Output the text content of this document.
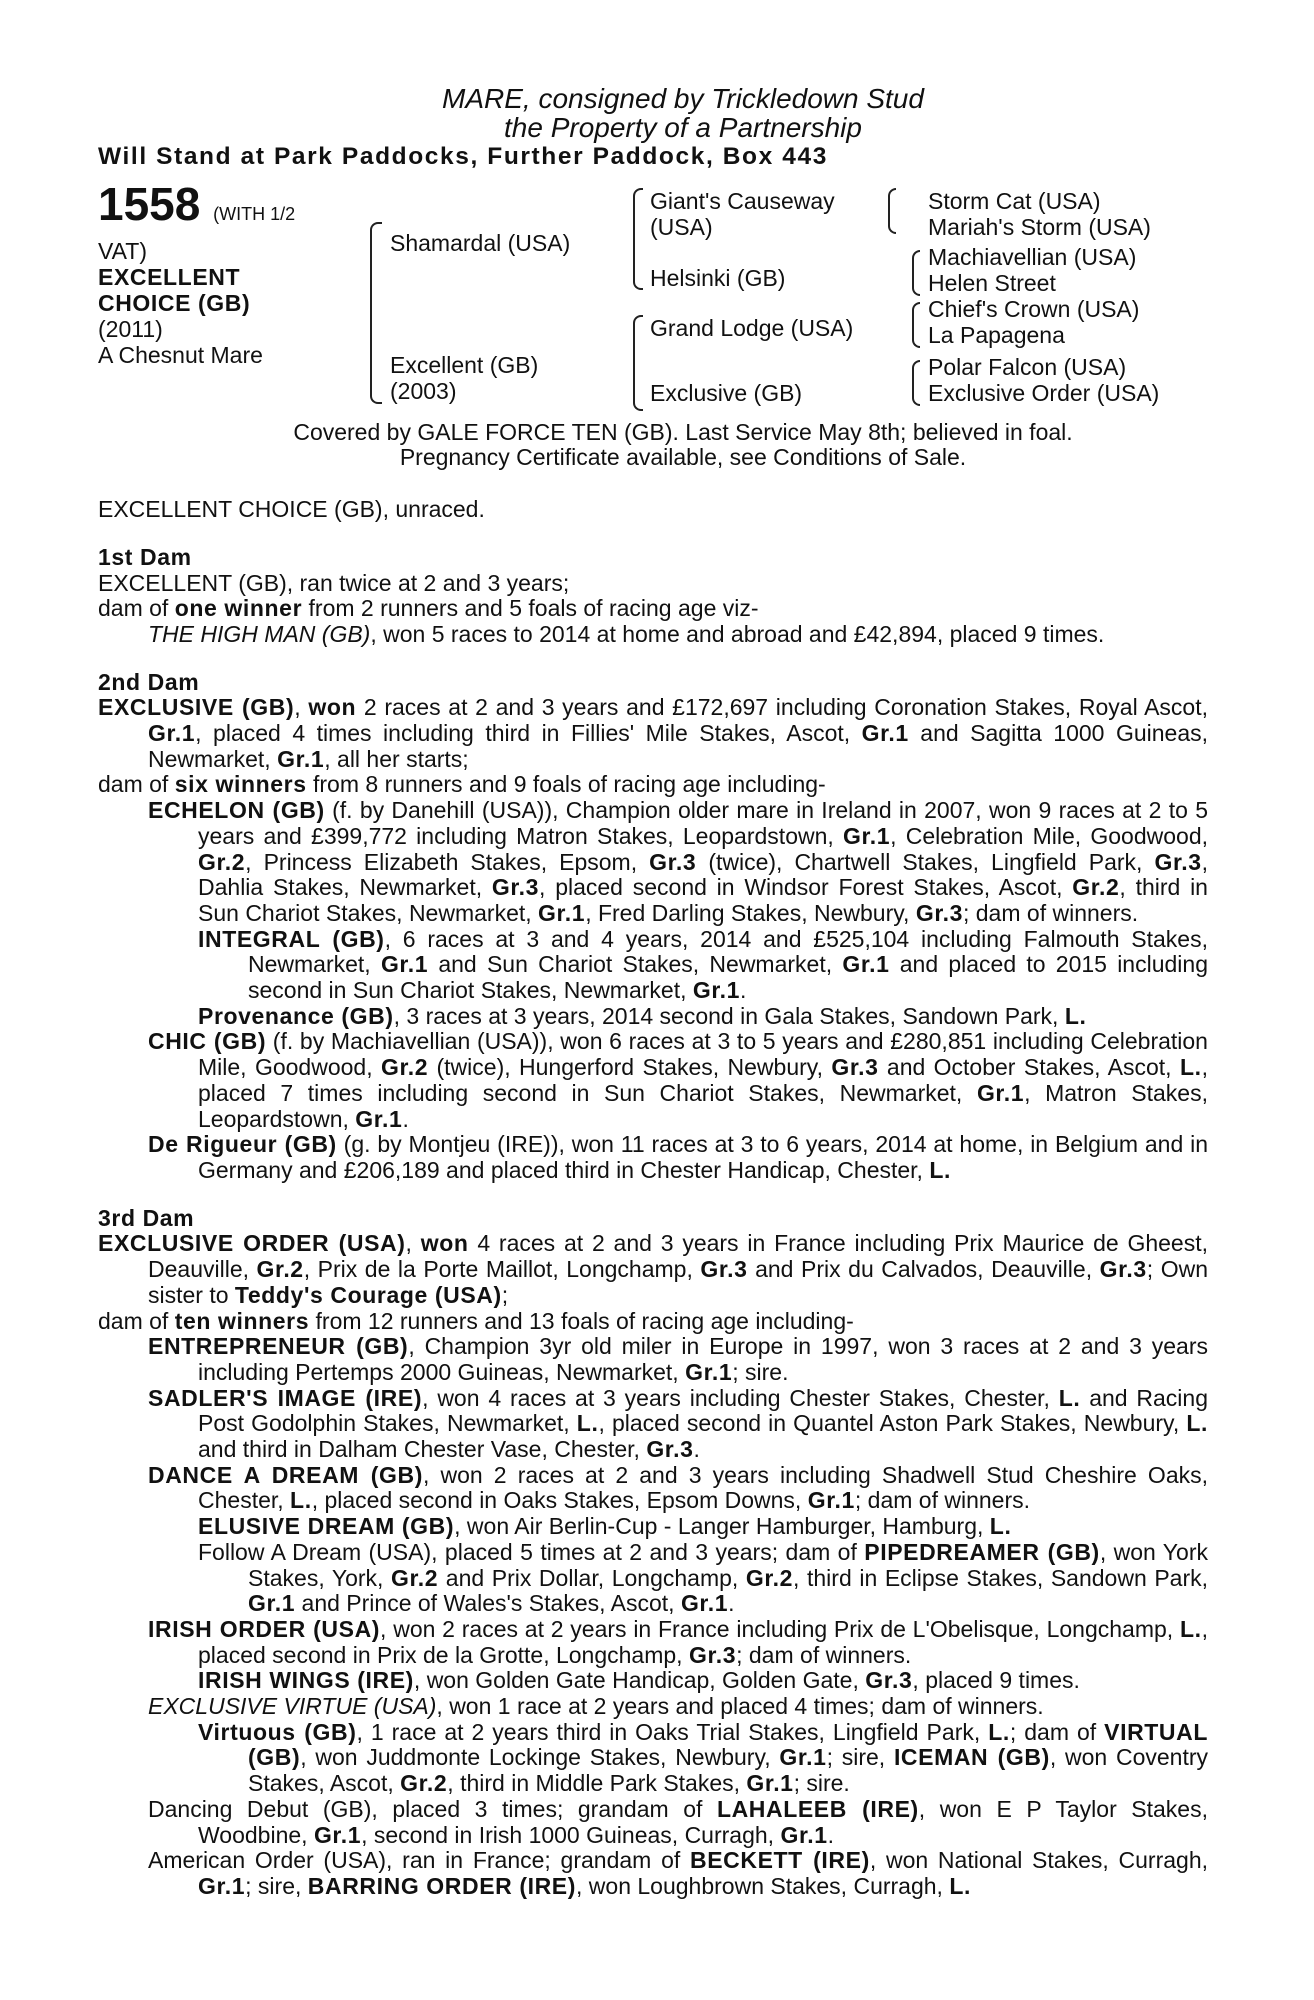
MARE, consigned by Trickledown Stud
the Property of a Partnership
Will Stand at Park Paddocks, Further Paddock, Box 443
1558 (WITH 1/2
VAT)
EXCELLENT
CHOICE (GB)
(2011)
A Chesnut Mare
Shamardal (USA)
Excellent (GB)
(2003)
Giant's Causeway
(USA)
Helsinki (GB)
Grand Lodge (USA)
Exclusive (GB)
Storm Cat (USA)
Mariah's Storm (USA)
Machiavellian (USA)
Helen Street
Chief's Crown (USA)
La Papagena
Polar Falcon (USA)
Exclusive Order (USA)

Covered by GALE FORCE TEN (GB). Last Service May 8th; believed in foal.

Pregnancy Certificate available, see Conditions of Sale.

EXCELLENT CHOICE (GB), unraced.

1st Dam

EXCELLENT (GB), ran twice at 2 and 3 years;

dam of one winner from 2 runners and 5 foals of racing age viz-

THE HIGH MAN (GB), won 5 races to 2014 at home and abroad and £42,894, placed 9 times.

2nd Dam

EXCLUSIVE (GB), won 2 races at 2 and 3 years and £172,697 including Coronation Stakes, Royal Ascot, Gr.1, placed 4 times including third in Fillies' Mile Stakes, Ascot, Gr.1 and Sagitta 1000 Guineas, Newmarket, Gr.1, all her starts;

dam of six winners from 8 runners and 9 foals of racing age including-

ECHELON (GB) (f. by Danehill (USA)), Champion older mare in Ireland in 2007, won 9 races at 2 to 5 years and £399,772 including Matron Stakes, Leopardstown, Gr.1, Celebration Mile, Goodwood, Gr.2, Princess Elizabeth Stakes, Epsom, Gr.3 (twice), Chartwell Stakes, Lingfield Park, Gr.3, Dahlia Stakes, Newmarket, Gr.3, placed second in Windsor Forest Stakes, Ascot, Gr.2, third in Sun Chariot Stakes, Newmarket, Gr.1, Fred Darling Stakes, Newbury, Gr.3; dam of winners.

INTEGRAL (GB), 6 races at 3 and 4 years, 2014 and £525,104 including Falmouth Stakes, Newmarket, Gr.1 and Sun Chariot Stakes, Newmarket, Gr.1 and placed to 2015 including second in Sun Chariot Stakes, Newmarket, Gr.1.

Provenance (GB), 3 races at 3 years, 2014 second in Gala Stakes, Sandown Park, L.

CHIC (GB) (f. by Machiavellian (USA)), won 6 races at 3 to 5 years and £280,851 including Celebration Mile, Goodwood, Gr.2 (twice), Hungerford Stakes, Newbury, Gr.3 and October Stakes, Ascot, L., placed 7 times including second in Sun Chariot Stakes, Newmarket, Gr.1, Matron Stakes, Leopardstown, Gr.1.

De Rigueur (GB) (g. by Montjeu (IRE)), won 11 races at 3 to 6 years, 2014 at home, in Belgium and in Germany and £206,189 and placed third in Chester Handicap, Chester, L.

3rd Dam

EXCLUSIVE ORDER (USA), won 4 races at 2 and 3 years in France including Prix Maurice de Gheest, Deauville, Gr.2, Prix de la Porte Maillot, Longchamp, Gr.3 and Prix du Calvados, Deauville, Gr.3; Own sister to Teddy's Courage (USA);

dam of ten winners from 12 runners and 13 foals of racing age including-

ENTREPRENEUR (GB), Champion 3yr old miler in Europe in 1997, won 3 races at 2 and 3 years including Pertemps 2000 Guineas, Newmarket, Gr.1; sire.

SADLER'S IMAGE (IRE), won 4 races at 3 years including Chester Stakes, Chester, L. and Racing Post Godolphin Stakes, Newmarket, L., placed second in Quantel Aston Park Stakes, Newbury, L. and third in Dalham Chester Vase, Chester, Gr.3.

DANCE A DREAM (GB), won 2 races at 2 and 3 years including Shadwell Stud Cheshire Oaks, Chester, L., placed second in Oaks Stakes, Epsom Downs, Gr.1; dam of winners.

ELUSIVE DREAM (GB), won Air Berlin-Cup - Langer Hamburger, Hamburg, L.

Follow A Dream (USA), placed 5 times at 2 and 3 years; dam of PIPEDREAMER (GB), won York Stakes, York, Gr.2 and Prix Dollar, Longchamp, Gr.2, third in Eclipse Stakes, Sandown Park, Gr.1 and Prince of Wales's Stakes, Ascot, Gr.1.

IRISH ORDER (USA), won 2 races at 2 years in France including Prix de L'Obelisque, Longchamp, L., placed second in Prix de la Grotte, Longchamp, Gr.3; dam of winners.

IRISH WINGS (IRE), won Golden Gate Handicap, Golden Gate, Gr.3, placed 9 times.

EXCLUSIVE VIRTUE (USA), won 1 race at 2 years and placed 4 times; dam of winners.

Virtuous (GB), 1 race at 2 years third in Oaks Trial Stakes, Lingfield Park, L.; dam of VIRTUAL (GB), won Juddmonte Lockinge Stakes, Newbury, Gr.1; sire, ICEMAN (GB), won Coventry Stakes, Ascot, Gr.2, third in Middle Park Stakes, Gr.1; sire.

Dancing Debut (GB), placed 3 times; grandam of LAHALEEB (IRE), won E P Taylor Stakes, Woodbine, Gr.1, second in Irish 1000 Guineas, Curragh, Gr.1.

American Order (USA), ran in France; grandam of BECKETT (IRE), won National Stakes, Curragh, Gr.1; sire, BARRING ORDER (IRE), won Loughbrown Stakes, Curragh, L.
